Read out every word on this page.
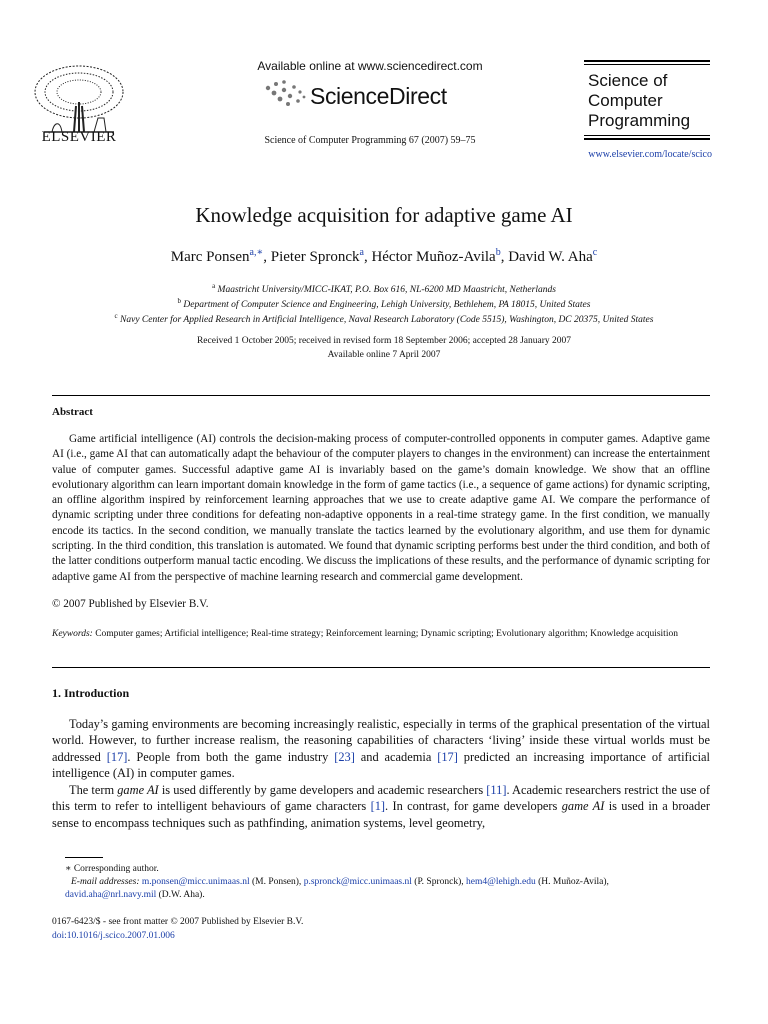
ELSEVIER
Available online at www.sciencedirect.com
ScienceDirect
Science of Computer Programming 67 (2007) 59–75
Science of
Computer
Programming
www.elsevier.com/locate/scico
Knowledge acquisition for adaptive game AI
Marc Ponsen$^{a,∗}$, Pieter Spronck$^a$, Héctor Muñoz-Avila$^b$, David W. Aha$^c$
$^a$ Maastricht University/MICC-IKAT, P.O. Box 616, NL-6200 MD Maastricht, Netherlands
$^b$ Department of Computer Science and Engineering, Lehigh University, Bethlehem, PA 18015, United States
$^c$ Navy Center for Applied Research in Artificial Intelligence, Naval Research Laboratory (Code 5515), Washington, DC 20375, United States
Received 1 October 2005; received in revised form 18 September 2006; accepted 28 January 2007
Available online 7 April 2007
Abstract
Game artificial intelligence (AI) controls the decision-making process of computer-controlled opponents in computer games. Adaptive game AI (i.e., game AI that can automatically adapt the behaviour of the computer players to changes in the environment) can increase the entertainment value of computer games. Successful adaptive game AI is invariably based on the game’s domain knowledge. We show that an offline evolutionary algorithm can learn important domain knowledge in the form of game tactics (i.e., a sequence of game actions) for dynamic scripting, an offline algorithm inspired by reinforcement learning approaches that we use to create adaptive game AI. We compare the performance of dynamic scripting under three conditions for defeating non-adaptive opponents in a real-time strategy game. In the first condition, we manually encode its tactics. In the second condition, we manually translate the tactics learned by the evolutionary algorithm, and use them for dynamic scripting. In the third condition, this translation is automated. We found that dynamic scripting performs best under the third condition, and both of the latter conditions outperform manual tactic encoding. We discuss the implications of these results, and the performance of dynamic scripting for adaptive game AI from the perspective of machine learning research and commercial game development.
© 2007 Published by Elsevier B.V.
Keywords: Computer games; Artificial intelligence; Real-time strategy; Reinforcement learning; Dynamic scripting; Evolutionary algorithm; Knowledge acquisition
1. Introduction
Today’s gaming environments are becoming increasingly realistic, especially in terms of the graphical presentation of the virtual world. However, to further increase realism, the reasoning capabilities of characters ‘living’ inside these virtual worlds must be addressed [17]. People from both the game industry [23] and academia [17] predicted an increasing importance of artificial intelligence (AI) in computer games.
The term game AI is used differently by game developers and academic researchers [11]. Academic researchers restrict the use of this term to refer to intelligent behaviours of game characters [1]. In contrast, for game developers game AI is used in a broader sense to encompass techniques such as pathfinding, animation systems, level geometry,
∗ Corresponding author.
E-mail addresses: m.ponsen@micc.unimaas.nl (M. Ponsen), p.spronck@micc.unimaas.nl (P. Spronck), hem4@lehigh.edu (H. Muñoz-Avila),
david.aha@nrl.navy.mil (D.W. Aha).
0167-6423/$ - see front matter © 2007 Published by Elsevier B.V.
doi:10.1016/j.scico.2007.01.006
